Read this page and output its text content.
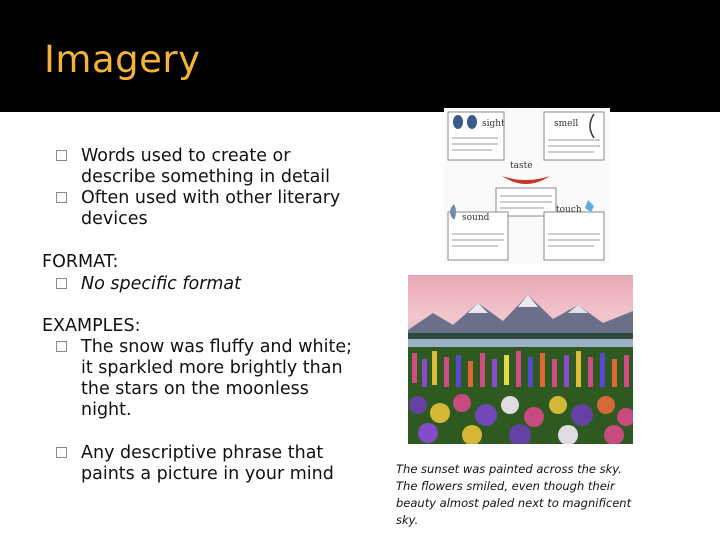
Imagery
Words used to create or describe something in detail
Often used with other literary devices
FORMAT:
No specific format
EXAMPLES:
The snow was fluffy and white; it sparkled more brightly than the stars on the moonless night.
Any descriptive phrase that paints a picture in your mind
sight	smell
taste
sound
touch
The sunset was painted across the sky. The flowers smiled, even though their beauty almost paled next to magnificent sky.
